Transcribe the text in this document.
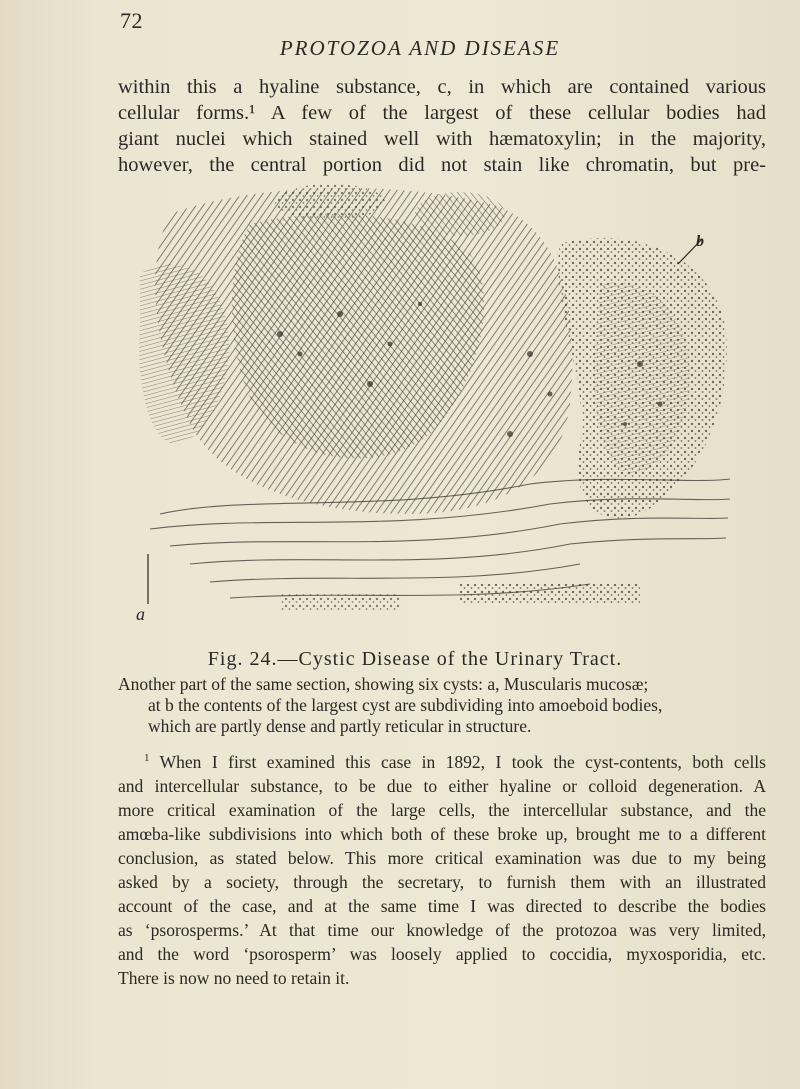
72
PROTOZOA AND DISEASE
within this a hyaline substance, c, in which are contained various
cellular forms.¹ A few of the largest of these cellular bodies had
giant nuclei which stained well with hæmatoxylin; in the majority,
however, the central portion did not stain like chromatin, but pre-
a
b
Fig. 24.—Cystic Disease of the Urinary Tract.
Another part of the same section, showing six cysts: a, Muscularis mucosæ;

at b the contents of the largest cyst are subdividing into amoeboid bodies,
which are partly dense and partly reticular in structure.
$^1$ When I first examined this case in 1892, I took the cyst-contents, both cells
and intercellular substance, to be due to either hyaline or colloid degeneration. A
more critical examination of the large cells, the intercellular substance, and the
amœba-like subdivisions into which both of these broke up, brought me to a different
conclusion, as stated below. This more critical examination was due to my being
asked by a society, through the secretary, to furnish them with an illustrated
account of the case, and at the same time I was directed to describe the bodies
as ‘psorosperms.’ At that time our knowledge of the protozoa was very limited,
and the word ‘psorosperm’ was loosely applied to coccidia, myxosporidia, etc.
There is now no need to retain it.
